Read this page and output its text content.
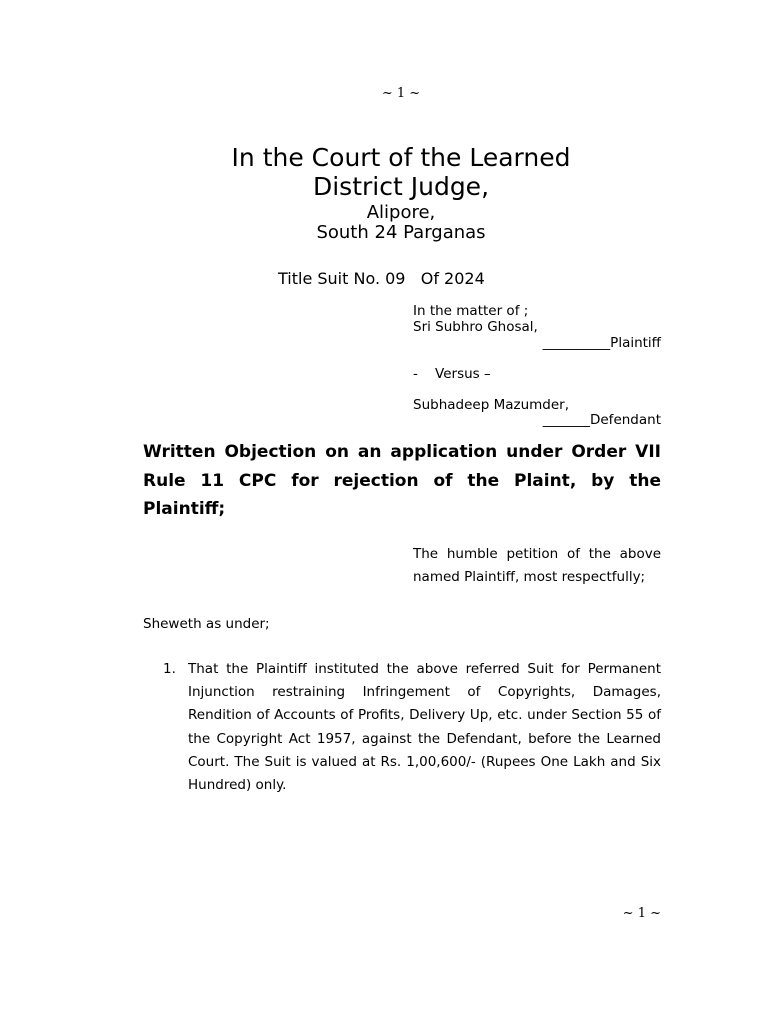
~ 1 ~
In the Court of the Learned
District Judge,
Alipore,
South 24 Parganas
Title Suit No. 09   Of 2024
In the matter of ;
Sri Subhro Ghosal,
__________Plaintiff
-    Versus –
Subhadeep Mazumder,
_______Defendant
Written Objection on an application under Order VII Rule 11 CPC for rejection of the Plaint, by the Plaintiff;
The humble petition of the above named Plaintiff, most respectfully;
Sheweth as under;
1. That the Plaintiff instituted the above referred Suit for Permanent Injunction restraining Infringement of Copyrights, Damages, Rendition of Accounts of Profits, Delivery Up, etc. under Section 55 of the Copyright Act 1957, against the Defendant, before the Learned Court. The Suit is valued at Rs. 1,00,600/- (Rupees One Lakh and Six Hundred) only.
~ 1 ~
